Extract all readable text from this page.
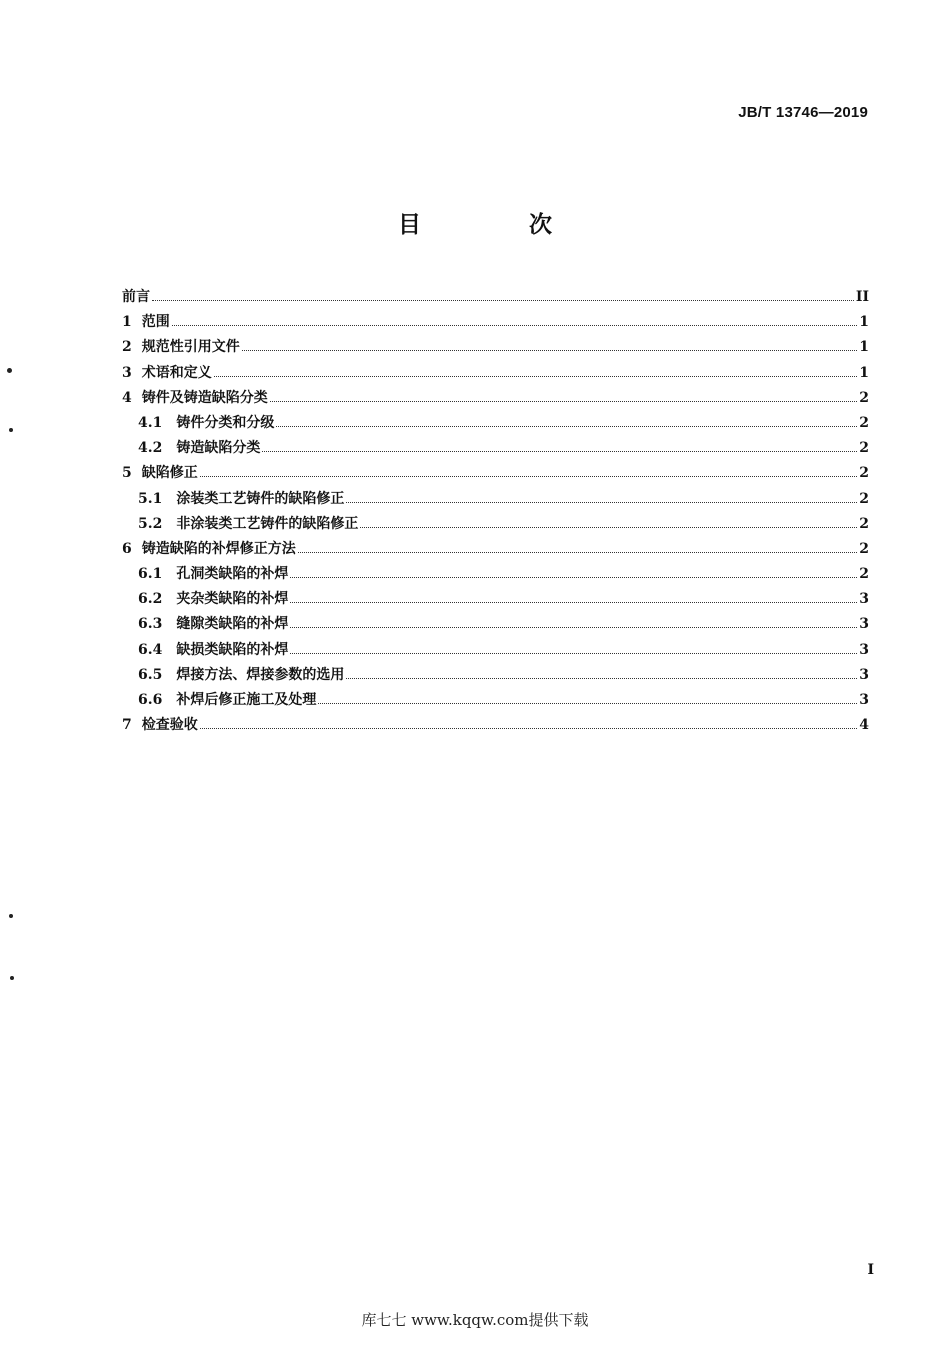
JB/T 13746—2019
目 次
前言	II
1 范围	1
2 规范性引用文件	1
3 术语和定义	1
4 铸件及铸造缺陷分类	2
4.1 铸件分类和分级	2
4.2 铸造缺陷分类	2
5 缺陷修正	2
5.1 涂装类工艺铸件的缺陷修正	2
5.2 非涂装类工艺铸件的缺陷修正	2
6 铸造缺陷的补焊修正方法	2
6.1 孔洞类缺陷的补焊	2
6.2 夹杂类缺陷的补焊	3
6.3 缝隙类缺陷的补焊	3
6.4 缺损类缺陷的补焊	3
6.5 焊接方法、焊接参数的选用	3
6.6 补焊后修正施工及处理	3
7 检查验收	4
I
库七七 www.kqqw.com提供下载
